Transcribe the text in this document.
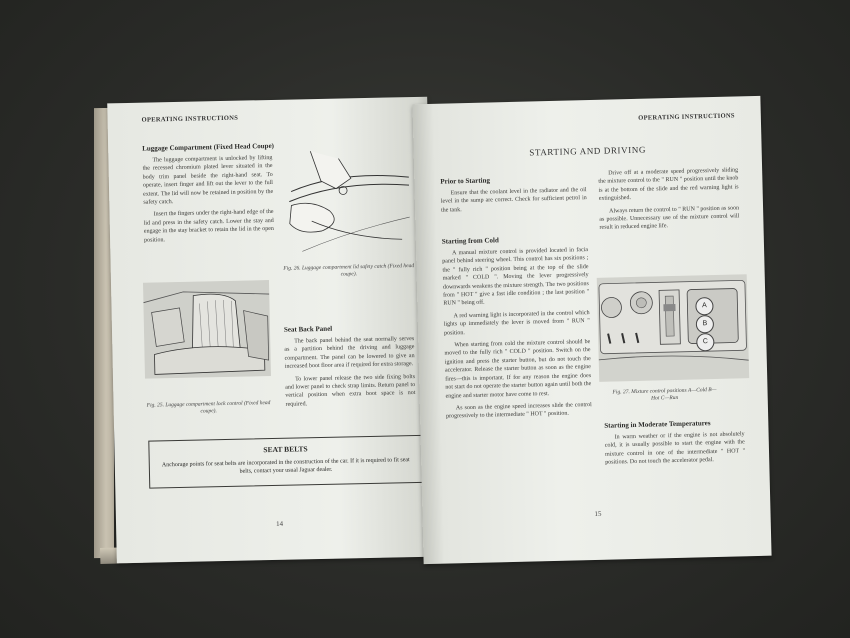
OPERATING INSTRUCTIONS
Luggage Compartment (Fixed Head Coupe)

The luggage compartment is unlocked by lifting the recessed chromium plated lever situated in the body trim panel beside the right-hand seat. To operate, insert finger and lift out the lever to the full extent. The lid will now be retained in position by the safety catch.

Insert the fingers under the right-hand edge of the lid and press in the safety catch. Lower the stay and engage in the stay bracket to retain the lid in the open position.

Fig. 26. Luggage compartment lid safety catch (Fixed head coupe).
Fig. 25. Luggage compartment lock control (Fixed head coupe).
Seat Back Panel

The back panel behind the seat normally serves as a partition behind the driving and luggage compartment. The panel can be lowered to give an increased boot floor area if required for extra storage.

To lower panel release the two side fixing bolts and lower panel to check strap limits. Return panel to vertical position when extra boot space is not required.

SEAT BELTS
Anchorage points for seat belts are incorporated in the construction of the car. If it is required to fit seat belts, contact your usual Jaguar dealer.
14
OPERATING INSTRUCTIONS
STARTING AND DRIVING
Prior to Starting

Ensure that the coolant level in the radiator and the oil level in the sump are correct. Check for sufficient petrol in the tank.

Starting from Cold

A manual mixture control is provided located in facia panel behind steering wheel. This control has six positions ; the " fully rich " position being at the top of the slide marked " COLD ". Moving the lever progressively downwards weakens the mixture strength. The two positions from " HOT " give a fast idle condition ; the last position " RUN " being off.

A red warning light is incorporated in the control which lights up immediately the lever is moved from " RUN " position.

When starting from cold the mixture control should be moved to the fully rich " COLD " position. Switch on the ignition and press the starter button, but do not touch the accelerator. Release the starter button as soon as the engine fires—this is important. If for any reason the engine does not start do not operate the starter button again until both the engine and starter motor have come to rest.

As soon as the engine speed increases slide the control progressively to the intermediate " HOT " position.

Drive off at a moderate speed progressively sliding the mixture control to the " RUN " position until the knob is at the bottom of the slide and the red warning light is extinguished.

Always return the control to " RUN " position as soon as possible. Unnecessary use of the mixture control will result in reduced engine life.

A
B
C
Fig. 27. Mixture control positions A—Cold B—Hot C—Run
Starting in Moderate Temperatures

In warm weather or if the engine is not absolutely cold, it is usually possible to start the engine with the mixture control in one of the intermediate " HOT " positions. Do not touch the accelerator pedal.

15
